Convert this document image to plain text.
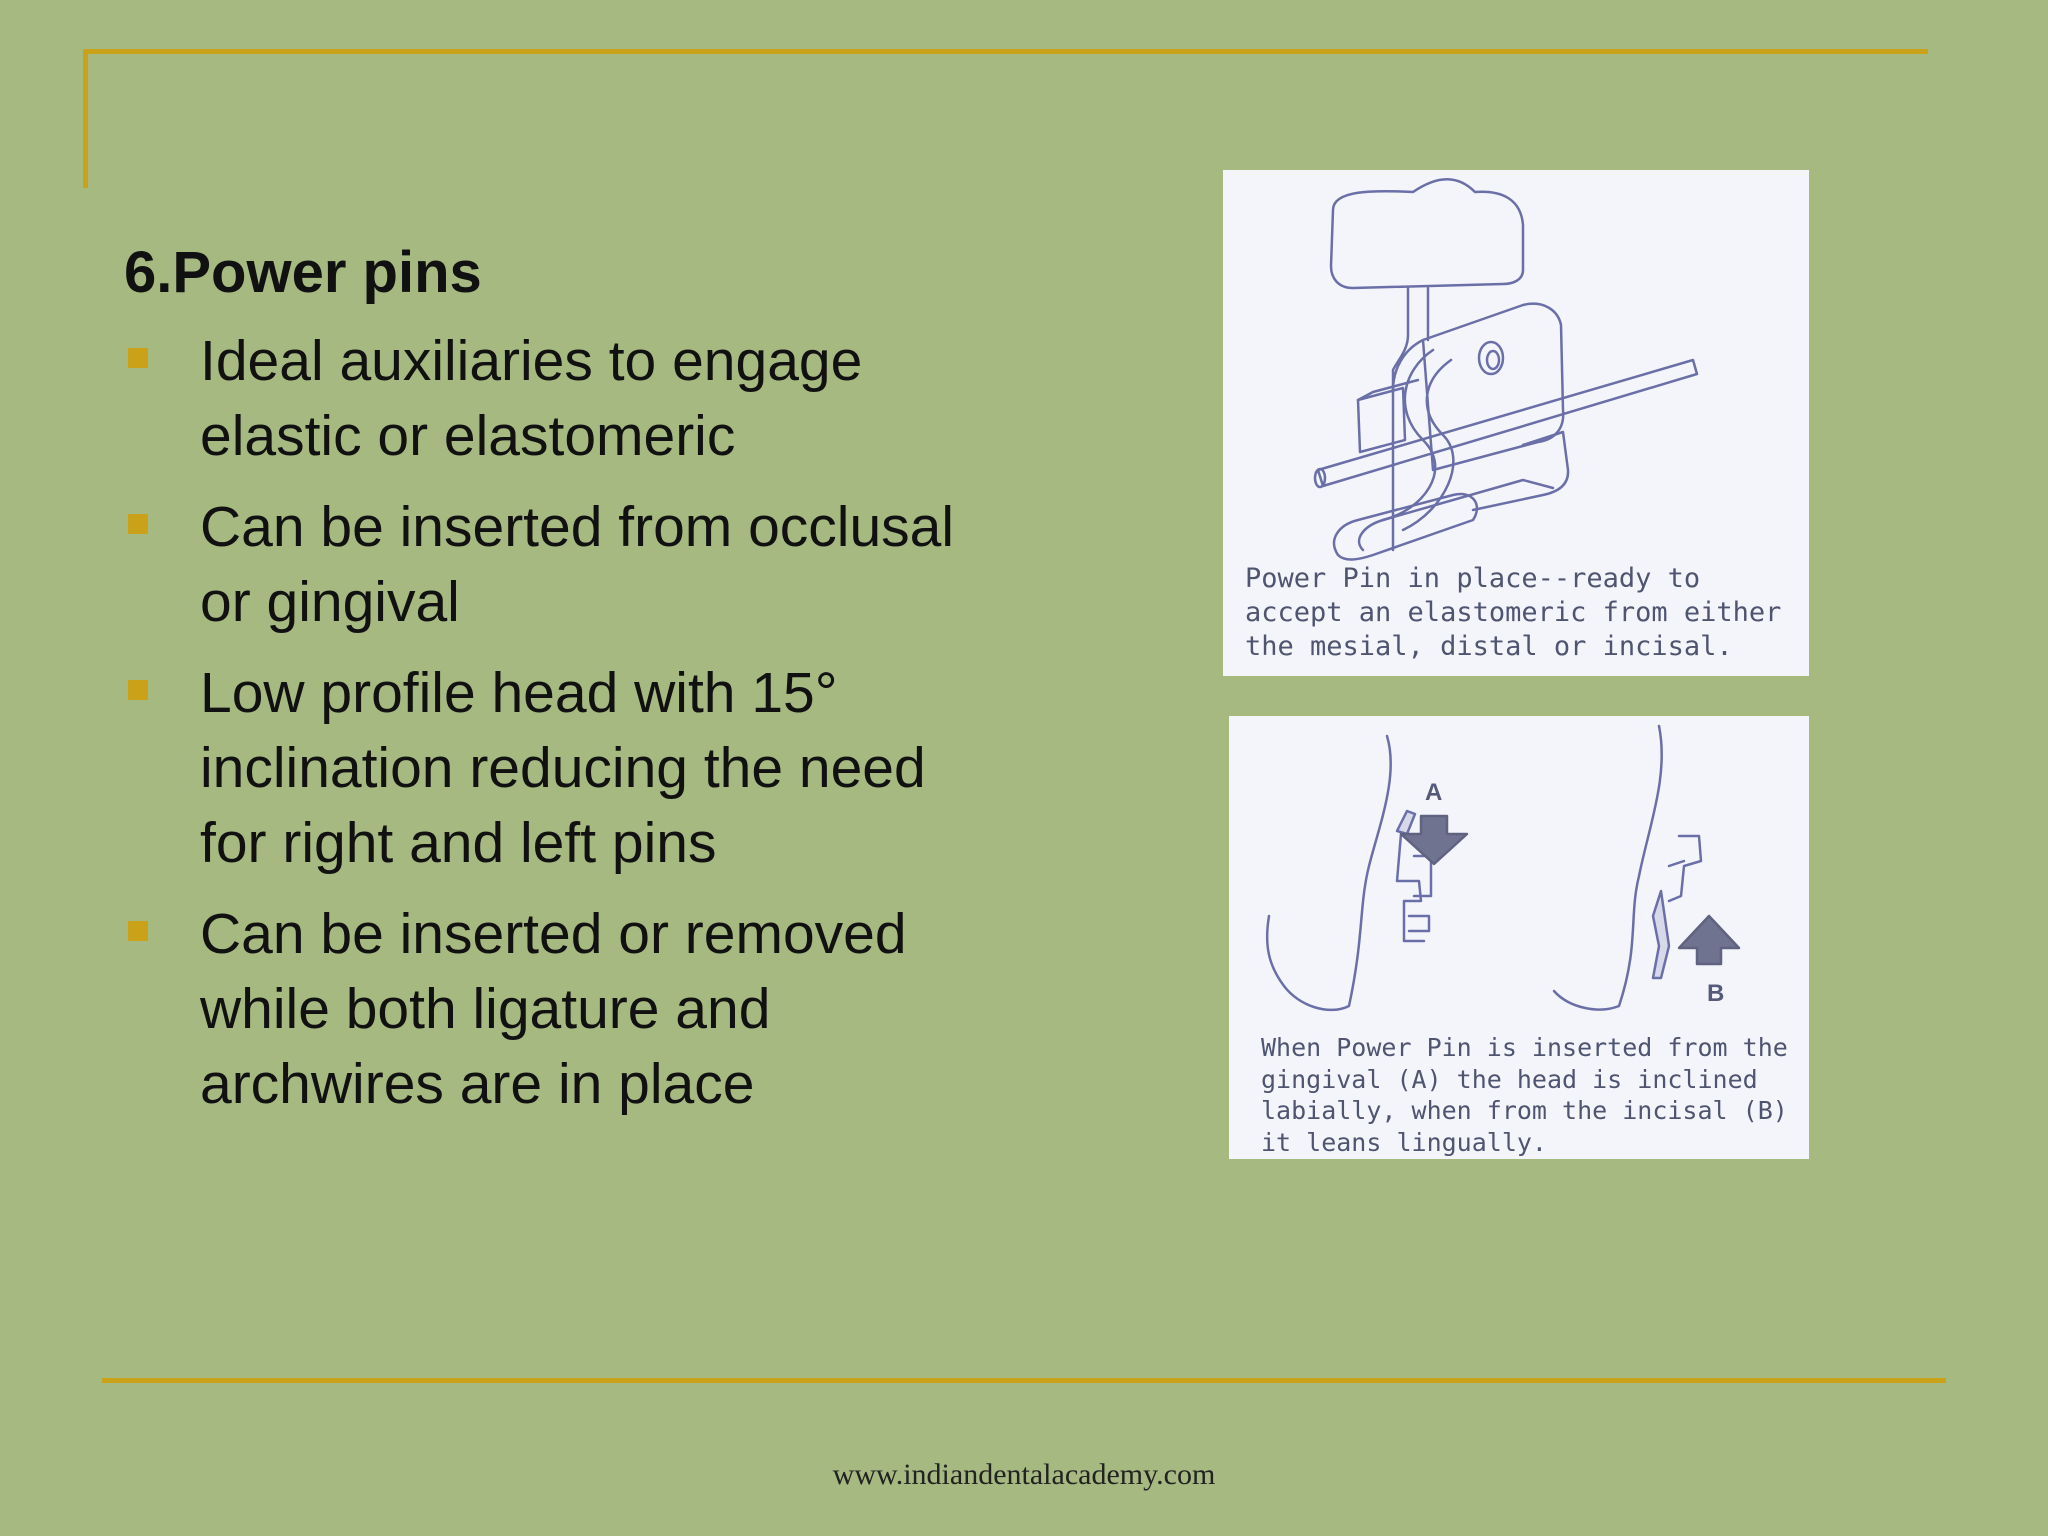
6.Power pins
Ideal auxiliaries to engage elastic or elastomeric
Can be inserted from occlusal or gingival
Low profile head with 15° inclination reducing the need for right and left pins
Can be inserted or removed while both ligature and archwires are in place

Power Pin in place--ready to
accept an elastomeric from either
the mesial, distal or incisal.

A
B

When Power Pin is inserted from the
gingival (A) the head is inclined
labially, when from the incisal (B)
it leans lingually.

www.indiandentalacademy.com
